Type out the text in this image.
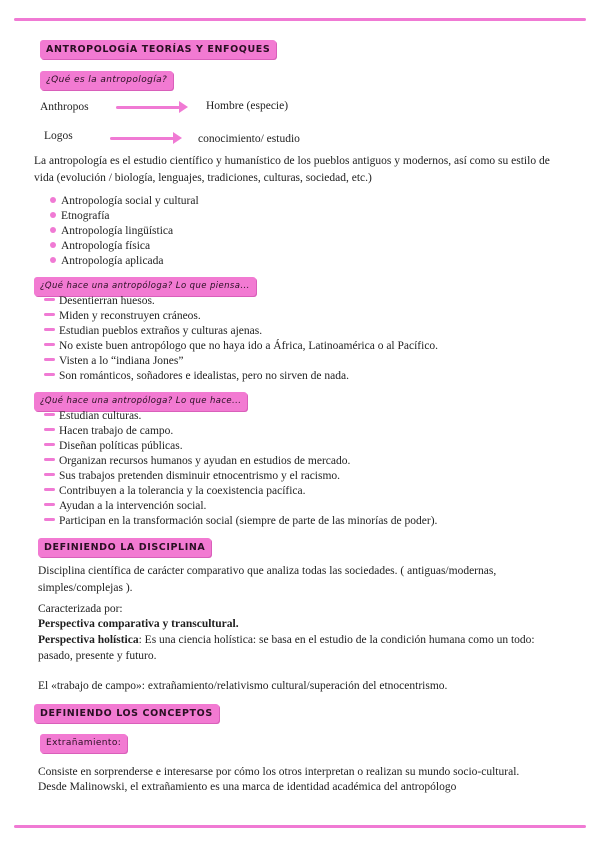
ANTROPOLOGÍA TEORÍAS Y ENFOQUES
¿Qué es la antropología?
Anthropos	Hombre (especie)
Logos	conocimiento/ estudio

La antropología es el estudio científico y humanístico de los pueblos antiguos y modernos, así como su estilo de vida (evolución / biología, lenguajes, tradiciones, culturas, sociedad, etc.)

Antropología social y cultural
Etnografía
Antropología lingüística
Antropología física
Antropología aplicada
¿Qué hace una antropóloga? Lo que piensa...
Desentierran huesos.
Miden y reconstruyen cráneos.
Estudian pueblos extraños y culturas ajenas.
No existe buen antropólogo que no haya ido a África, Latinoamérica o al Pacífico.
Visten a lo “indiana Jones”
Son románticos, soñadores e idealistas, pero no sirven de nada.
¿Qué hace una antropóloga? Lo que hace...
Estudian culturas.
Hacen trabajo de campo.
Diseñan políticas públicas.
Organizan recursos humanos y ayudan en estudios de mercado.
Sus trabajos pretenden disminuir etnocentrismo y el racismo.
Contribuyen a la tolerancia y la coexistencia pacífica.
Ayudan a la intervención social.
Participan en la transformación social (siempre de parte de las minorías de poder).
DEFINIENDO LA DISCIPLINA

Disciplina científica de carácter comparativo que analiza todas las sociedades. ( antiguas/modernas, simples/complejas ).

Caracterizada por:
Perspectiva comparativa y transcultural.

Perspectiva holística: Es una ciencia holística: se basa en el estudio de la condición humana como un todo: pasado, presente y futuro.

El «trabajo de campo»: extrañamiento/relativismo cultural/superación del etnocentrismo.
DEFINIENDO LOS CONCEPTOS
Extrañamiento:
Consiste en sorprenderse e interesarse por cómo los otros interpretan o realizan su mundo socio-cultural.
Desde Malinowski, el extrañamiento es una marca de identidad académica del antropólogo
